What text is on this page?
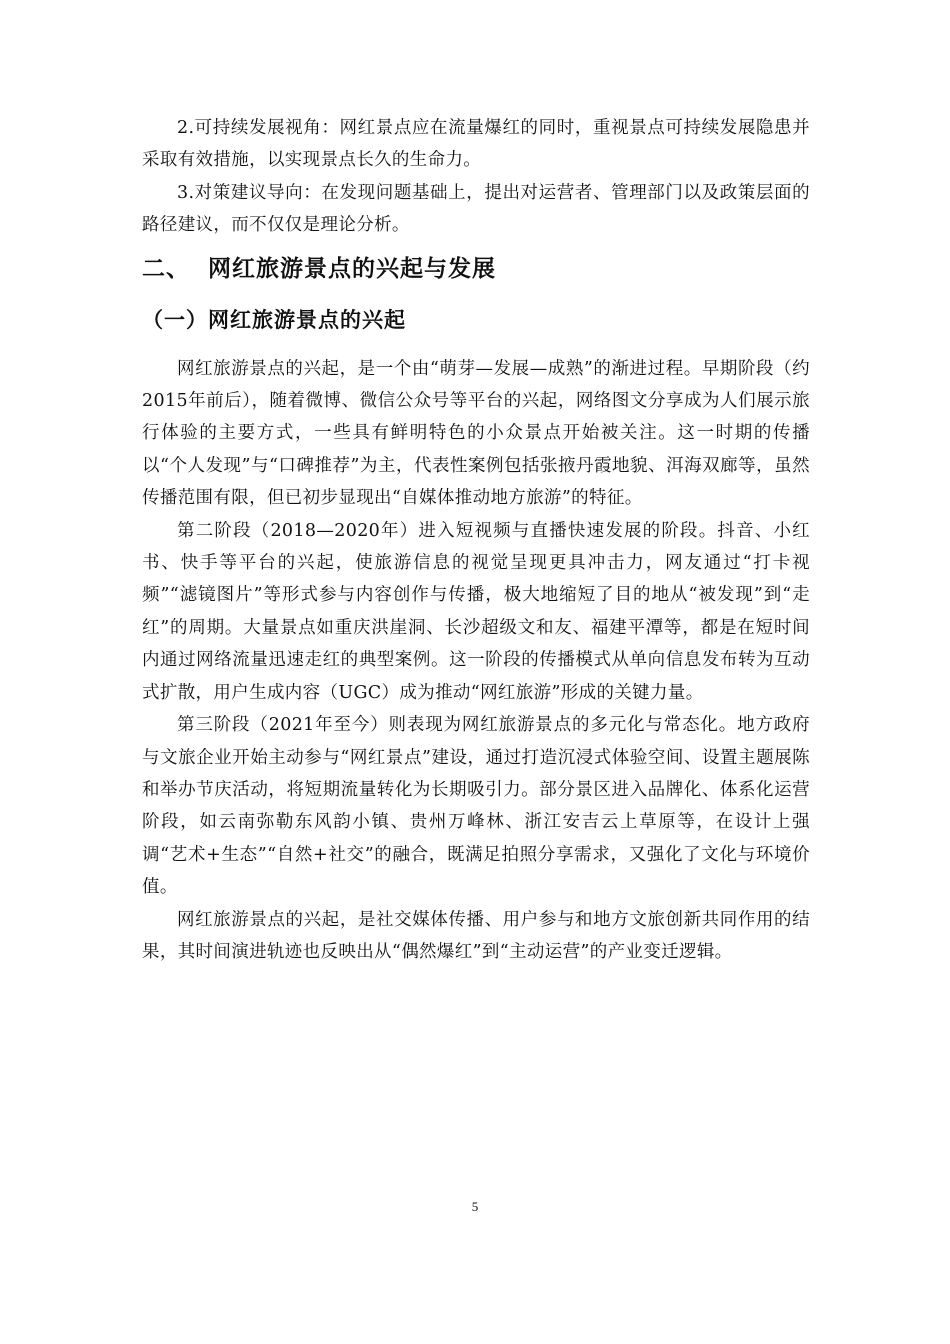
2.可持续发展视角：网红景点应在流量爆红的同时，重视景点可持续发展隐患并采取有效措施，以实现景点长久的生命力。

3.对策建议导向：在发现问题基础上，提出对运营者、管理部门以及政策层面的路径建议，而不仅仅是理论分析。

二、 网红旅游景点的兴起与发展
（一）网红旅游景点的兴起

网红旅游景点的兴起，是一个由“萌芽—发展—成熟”的渐进过程。早期阶段（约2015年前后），随着微博、微信公众号等平台的兴起，网络图文分享成为人们展示旅行体验的主要方式，一些具有鲜明特色的小众景点开始被关注。这一时期的传播以“个人发现”与“口碑推荐”为主，代表性案例包括张掖丹霞地貌、洱海双廊等，虽然传播范围有限，但已初步显现出“自媒体推动地方旅游”的特征。

第二阶段（2018—2020年）进入短视频与直播快速发展的阶段。抖音、小红书、快手等平台的兴起，使旅游信息的视觉呈现更具冲击力，网友通过“打卡视频”“滤镜图片”等形式参与内容创作与传播，极大地缩短了目的地从“被发现”到“走红”的周期。大量景点如重庆洪崖洞、长沙超级文和友、福建平潭等，都是在短时间内通过网络流量迅速走红的典型案例。这一阶段的传播模式从单向信息发布转为互动式扩散，用户生成内容（UGC）成为推动“网红旅游”形成的关键力量。

第三阶段（2021年至今）则表现为网红旅游景点的多元化与常态化。地方政府与文旅企业开始主动参与“网红景点”建设，通过打造沉浸式体验空间、设置主题展陈和举办节庆活动，将短期流量转化为长期吸引力。部分景区进入品牌化、体系化运营阶段，如云南弥勒东风韵小镇、贵州万峰林、浙江安吉云上草原等，在设计上强调“艺术+生态”“自然+社交”的融合，既满足拍照分享需求，又强化了文化与环境价值。

网红旅游景点的兴起，是社交媒体传播、用户参与和地方文旅创新共同作用的结果，其时间演进轨迹也反映出从“偶然爆红”到“主动运营”的产业变迁逻辑。

5
